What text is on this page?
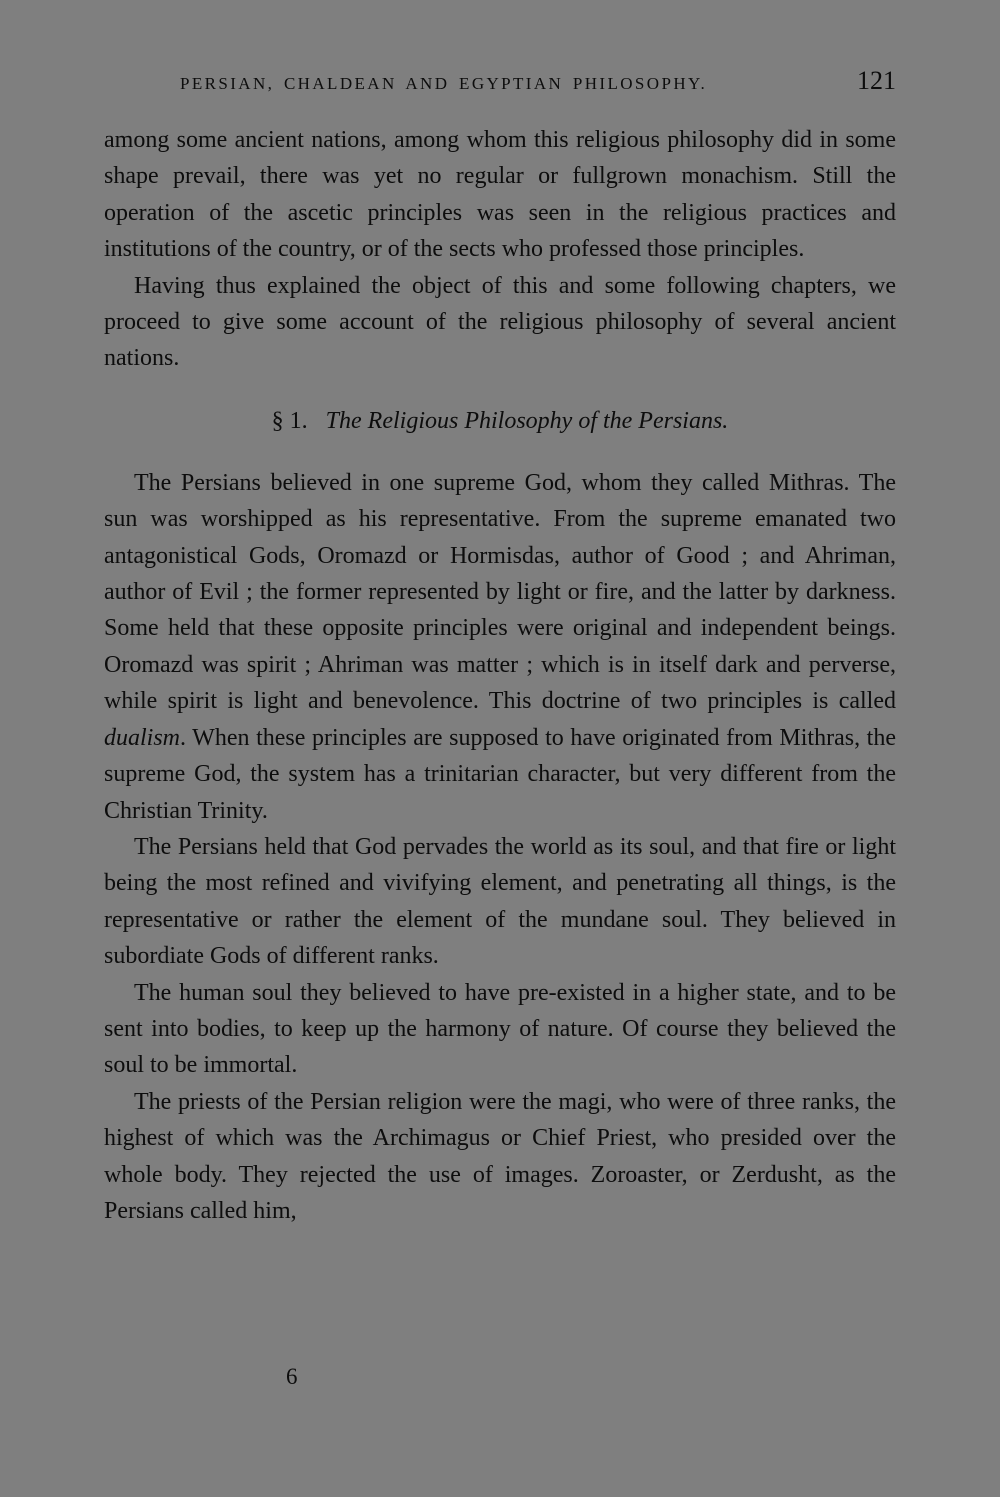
PERSIAN, CHALDEAN AND EGYPTIAN PHILOSOPHY.	121

among some ancient nations, among whom this religious philosophy did in some shape prevail, there was yet no regular or fullgrown monachism. Still the operation of the ascetic principles was seen in the religious practices and institutions of the country, or of the sects who professed those principles.

Having thus explained the object of this and some following chapters, we proceed to give some account of the religious philosophy of several ancient nations.

§ 1. The Religious Philosophy of the Persians.

The Persians believed in one supreme God, whom they called Mithras. The sun was worshipped as his representative. From the supreme emanated two antagonistical Gods, Oromazd or Hormisdas, author of Good ; and Ahriman, author of Evil ; the former represented by light or fire, and the latter by darkness. Some held that these opposite principles were original and independent beings. Oromazd was spirit ; Ahriman was matter ; which is in itself dark and perverse, while spirit is light and benevolence. This doctrine of two principles is called dualism. When these principles are supposed to have originated from Mithras, the supreme God, the system has a trinitarian character, but very different from the Christian Trinity.

The Persians held that God pervades the world as its soul, and that fire or light being the most refined and vivifying element, and penetrating all things, is the representative or rather the element of the mundane soul. They believed in subordiate Gods of different ranks.

The human soul they believed to have pre-existed in a higher state, and to be sent into bodies, to keep up the harmony of nature. Of course they believed the soul to be immortal.

The priests of the Persian religion were the magi, who were of three ranks, the highest of which was the Archimagus or Chief Priest, who presided over the whole body. They rejected the use of images. Zoroaster, or Zerdusht, as the Persians called him,

6
